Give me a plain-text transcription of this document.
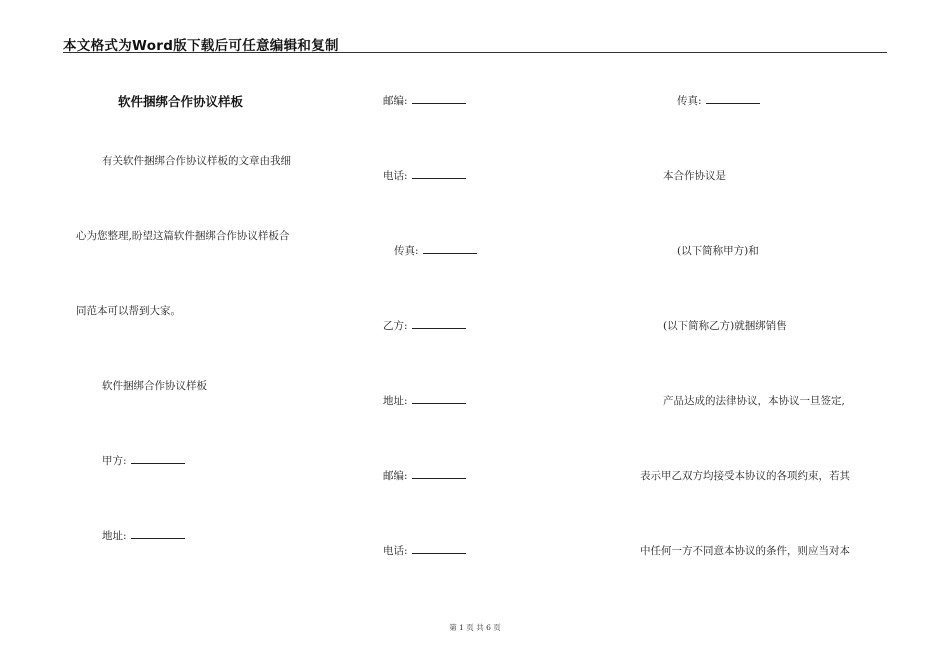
本文格式为Word版下载后可任意编辑和复制
软件捆绑合作协议样板
有关软件捆绑合作协议样板的文章由我细
心为您整理,盼望这篇软件捆绑合作协议样板合
同范本可以帮到大家。
软件捆绑合作协议样板
甲方:
地址:
邮编:
电话:
传真:
乙方:
地址:
邮编:
电话:
传真:
本合作协议是
(以下简称甲方)和
(以下简称乙方)就捆绑销售
产品达成的法律协议，本协议一旦签定,
表示甲乙双方均接受本协议的各项约束，若其
中任何一方不同意本协议的条件，则应当对本
第 1 页 共 6 页
